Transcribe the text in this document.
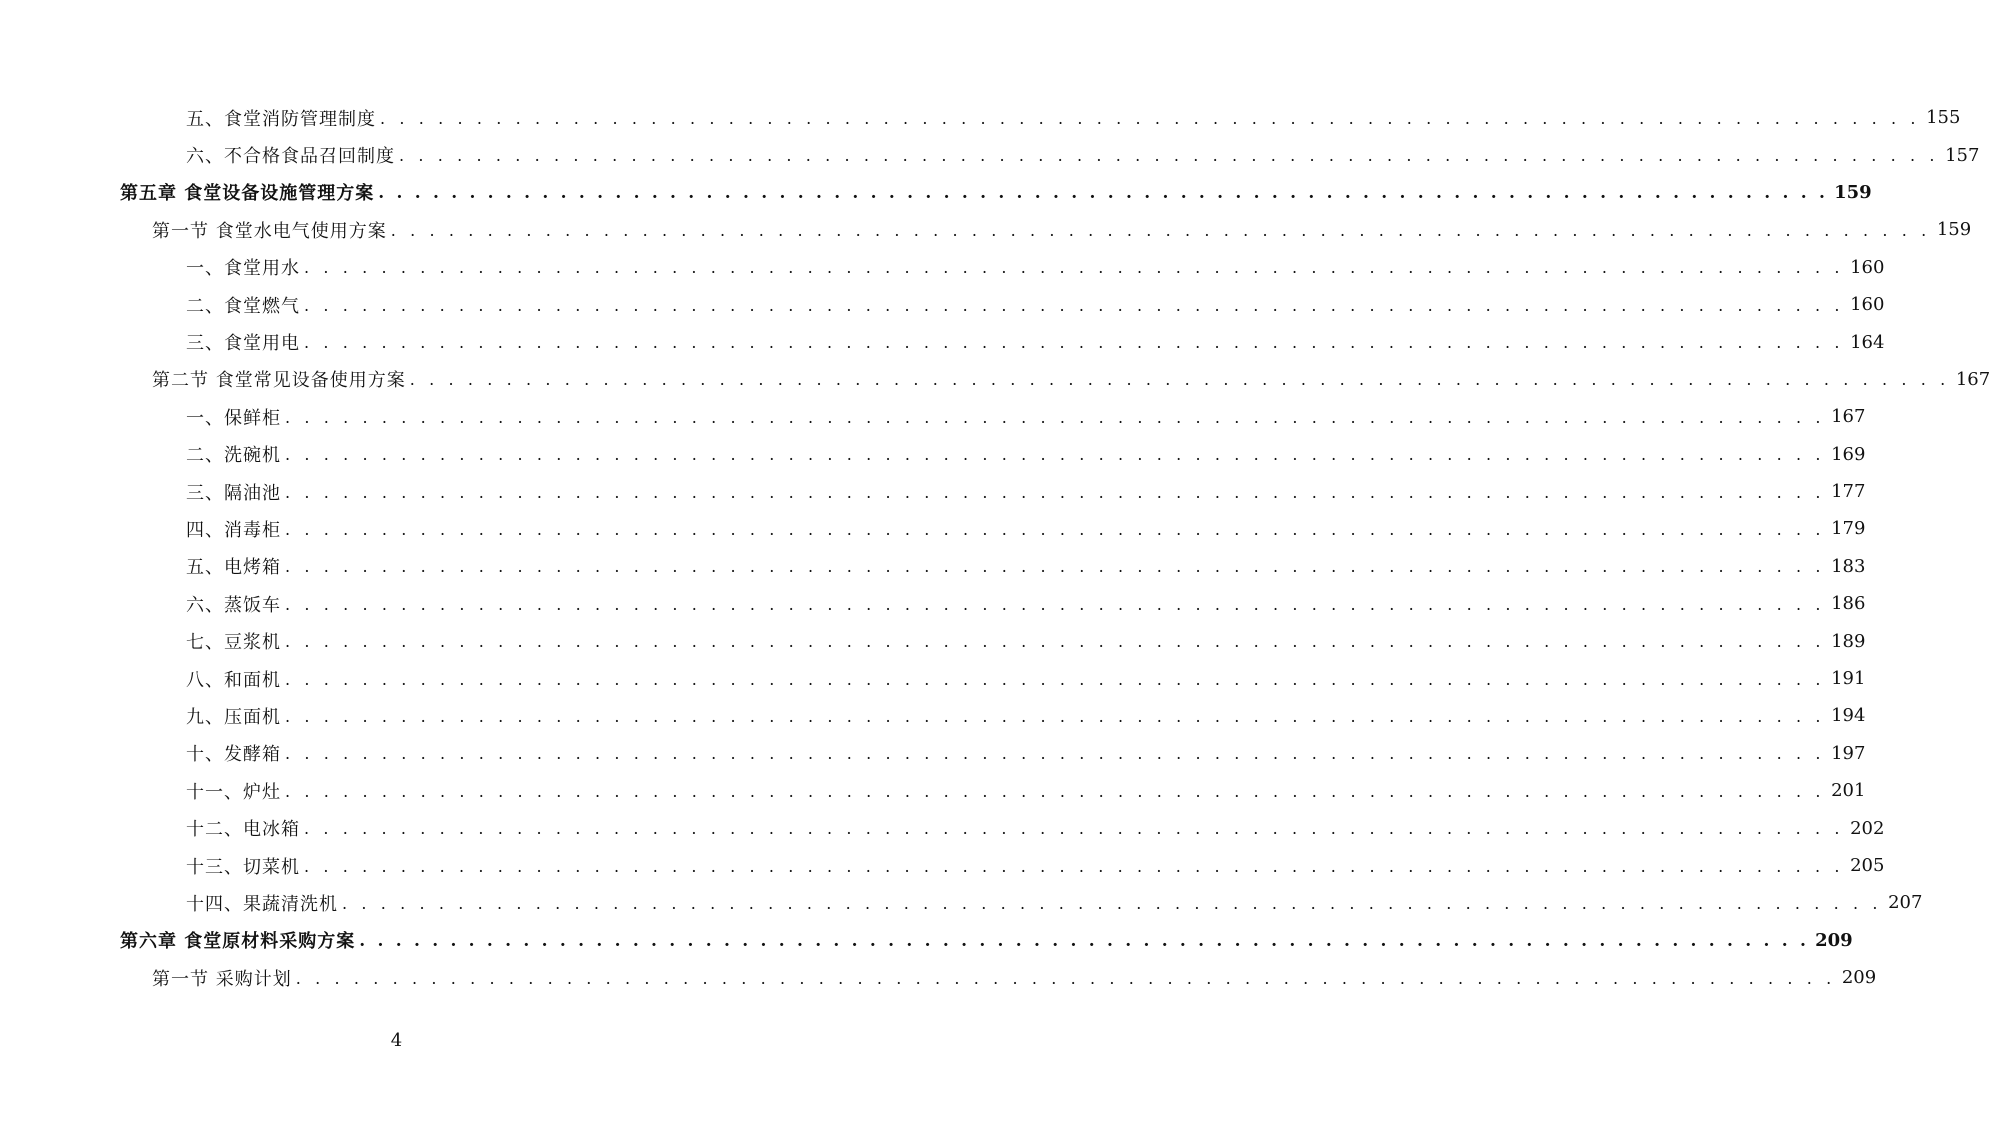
五、食堂消防管理制度 . . . . . . . . . . . . . . . . . . . . . . . . . . . . . . . . . . . . . . . . . . . . . . . . . . . . . . . . . . . . . . . . . . . . . . . . . . . . . . . . 155
六、不合格食品召回制度 . . . . . . . . . . . . . . . . . . . . . . . . . . . . . . . . . . . . . . . . . . . . . . . . . . . . . . . . . . . . . . . . . . . . . . . . . . . . . . . . 157
第五章 食堂设备设施管理方案 . . . . . . . . . . . . . . . . . . . . . . . . . . . . . . . . . . . . . . . . . . . . . . . . . . . . . . . . . . . . . . . . . . . . . . . . . . . . . . . . 159
第一节 食堂水电气使用方案 . . . . . . . . . . . . . . . . . . . . . . . . . . . . . . . . . . . . . . . . . . . . . . . . . . . . . . . . . . . . . . . . . . . . . . . . . . . . . . . . 159
一、食堂用水 . . . . . . . . . . . . . . . . . . . . . . . . . . . . . . . . . . . . . . . . . . . . . . . . . . . . . . . . . . . . . . . . . . . . . . . . . . . . . . . . 160
二、食堂燃气 . . . . . . . . . . . . . . . . . . . . . . . . . . . . . . . . . . . . . . . . . . . . . . . . . . . . . . . . . . . . . . . . . . . . . . . . . . . . . . . . 160
三、食堂用电 . . . . . . . . . . . . . . . . . . . . . . . . . . . . . . . . . . . . . . . . . . . . . . . . . . . . . . . . . . . . . . . . . . . . . . . . . . . . . . . . 164
第二节 食堂常见设备使用方案 . . . . . . . . . . . . . . . . . . . . . . . . . . . . . . . . . . . . . . . . . . . . . . . . . . . . . . . . . . . . . . . . . . . . . . . . . . . . . . . . 167
一、保鲜柜 . . . . . . . . . . . . . . . . . . . . . . . . . . . . . . . . . . . . . . . . . . . . . . . . . . . . . . . . . . . . . . . . . . . . . . . . . . . . . . . . 167
二、洗碗机 . . . . . . . . . . . . . . . . . . . . . . . . . . . . . . . . . . . . . . . . . . . . . . . . . . . . . . . . . . . . . . . . . . . . . . . . . . . . . . . . 169
三、隔油池 . . . . . . . . . . . . . . . . . . . . . . . . . . . . . . . . . . . . . . . . . . . . . . . . . . . . . . . . . . . . . . . . . . . . . . . . . . . . . . . . 177
四、消毒柜 . . . . . . . . . . . . . . . . . . . . . . . . . . . . . . . . . . . . . . . . . . . . . . . . . . . . . . . . . . . . . . . . . . . . . . . . . . . . . . . . 179
五、电烤箱 . . . . . . . . . . . . . . . . . . . . . . . . . . . . . . . . . . . . . . . . . . . . . . . . . . . . . . . . . . . . . . . . . . . . . . . . . . . . . . . . 183
六、蒸饭车 . . . . . . . . . . . . . . . . . . . . . . . . . . . . . . . . . . . . . . . . . . . . . . . . . . . . . . . . . . . . . . . . . . . . . . . . . . . . . . . . 186
七、豆浆机 . . . . . . . . . . . . . . . . . . . . . . . . . . . . . . . . . . . . . . . . . . . . . . . . . . . . . . . . . . . . . . . . . . . . . . . . . . . . . . . . 189
八、和面机 . . . . . . . . . . . . . . . . . . . . . . . . . . . . . . . . . . . . . . . . . . . . . . . . . . . . . . . . . . . . . . . . . . . . . . . . . . . . . . . . 191
九、压面机 . . . . . . . . . . . . . . . . . . . . . . . . . . . . . . . . . . . . . . . . . . . . . . . . . . . . . . . . . . . . . . . . . . . . . . . . . . . . . . . . 194
十、发酵箱 . . . . . . . . . . . . . . . . . . . . . . . . . . . . . . . . . . . . . . . . . . . . . . . . . . . . . . . . . . . . . . . . . . . . . . . . . . . . . . . . 197
十一、炉灶 . . . . . . . . . . . . . . . . . . . . . . . . . . . . . . . . . . . . . . . . . . . . . . . . . . . . . . . . . . . . . . . . . . . . . . . . . . . . . . . . 201
十二、电冰箱 . . . . . . . . . . . . . . . . . . . . . . . . . . . . . . . . . . . . . . . . . . . . . . . . . . . . . . . . . . . . . . . . . . . . . . . . . . . . . . . . 202
十三、切菜机 . . . . . . . . . . . . . . . . . . . . . . . . . . . . . . . . . . . . . . . . . . . . . . . . . . . . . . . . . . . . . . . . . . . . . . . . . . . . . . . . 205
十四、果蔬清洗机 . . . . . . . . . . . . . . . . . . . . . . . . . . . . . . . . . . . . . . . . . . . . . . . . . . . . . . . . . . . . . . . . . . . . . . . . . . . . . . . . 207
第六章 食堂原材料采购方案 . . . . . . . . . . . . . . . . . . . . . . . . . . . . . . . . . . . . . . . . . . . . . . . . . . . . . . . . . . . . . . . . . . . . . . . . . . . . . . . . 209
第一节 采购计划 . . . . . . . . . . . . . . . . . . . . . . . . . . . . . . . . . . . . . . . . . . . . . . . . . . . . . . . . . . . . . . . . . . . . . . . . . . . . . . . . 209
4
